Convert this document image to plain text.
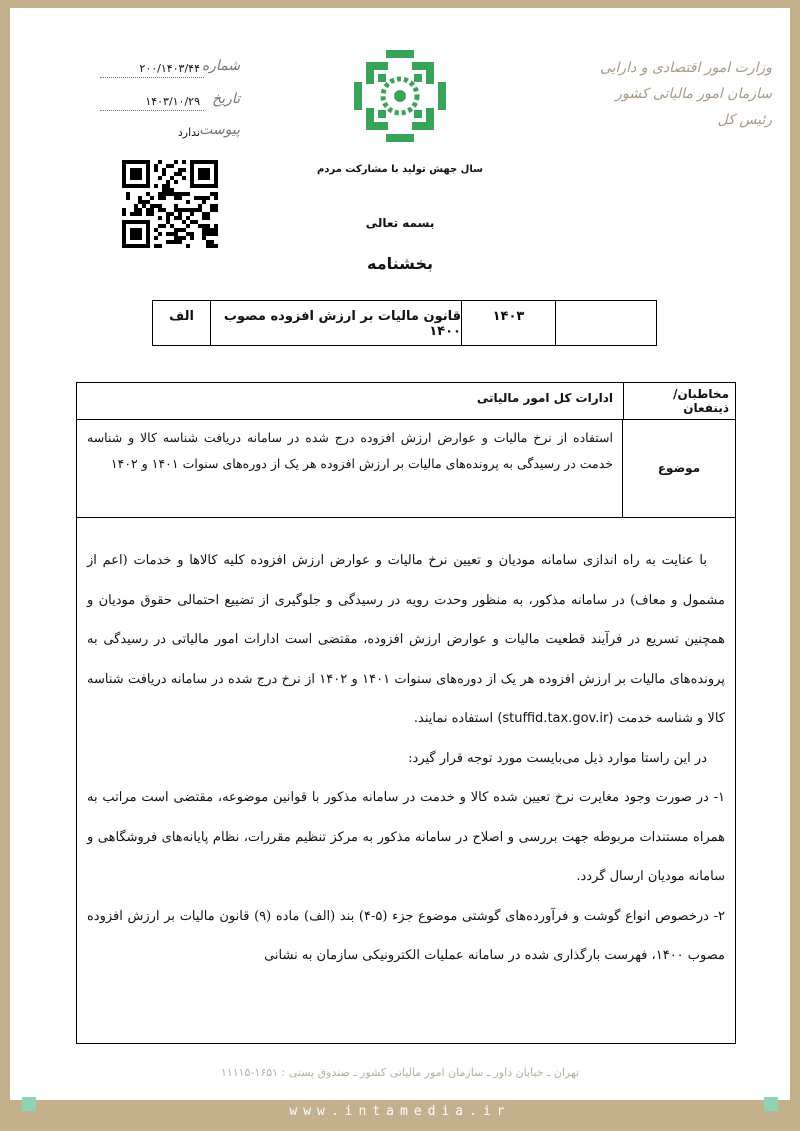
شماره
۲۰۰/۱۴۰۳/۴۴
تاریخ
۱۴۰۳/۱۰/۲۹
پیوست
ندارد
وزارت امور اقتصادی و دارایی
سازمان امور مالیاتی کشور
رئیس کل
سال جهش تولید با مشارکت مردم
بسمه تعالی
بخشنامه
۱۴۰۳
قانون مالیات بر ارزش افزوده مصوب ۱۴۰۰
الف
مخاطبان/ ذینفعان
ادارات کل امور مالیاتی
موضوع
استفاده از نرخ مالیات و عوارض ارزش افزوده درج شده در سامانه دریافت شناسه کالا و شناسه خدمت در رسیدگی به پرونده‌های مالیات بر ارزش افزوده هر یک از دوره‌های سنوات ۱۴۰۱ و ۱۴۰۲

با عنایت به راه اندازی سامانه مودیان و تعیین نرخ مالیات و عوارض ارزش افزوده کلیه کالاها و خدمات (اعم از مشمول و معاف) در سامانه مذکور، به منظور وحدت رویه در رسیدگی و جلوگیری از تضییع احتمالی حقوق مودیان و همچنین تسریع در فرآیند قطعیت مالیات و عوارض ارزش افزوده، مقتضی است ادارات امور مالیاتی در رسیدگی به پرونده‌های مالیات بر ارزش افزوده هر یک از دوره‌های سنوات ۱۴۰۱ و ۱۴۰۲ از نرخ درج شده در سامانه دریافت شناسه کالا و شناسه خدمت (stuffid.tax.gov.ir) استفاده نمایند.

در این راستا موارد ذیل می‌بایست مورد توجه قرار گیرد:

۱- در صورت وجود مغایرت نرخ تعیین شده کالا و خدمت در سامانه مذکور با قوانین موضوعه، مقتضی است مراتب به همراه مستندات مربوطه جهت بررسی و اصلاح در سامانه مذکور به مرکز تنظیم مقررات، نظام پایانه‌های فروشگاهی و سامانه مودیان ارسال گردد.

۲- درخصوص انواع گوشت و فرآورده‌های گوشتی موضوع جزء (۵-۴) بند (الف) ماده (۹) قانون مالیات بر ارزش افزوده مصوب ۱۴۰۰، فهرست بارگذاری شده در سامانه عملیات الکترونیکی سازمان به نشانی

تهران ـ خیابان داور ـ سازمان امور مالیاتی کشور ـ صندوق پستی : ۱۶۵۱-۱۱۱۱۵
www.intamedia.ir
